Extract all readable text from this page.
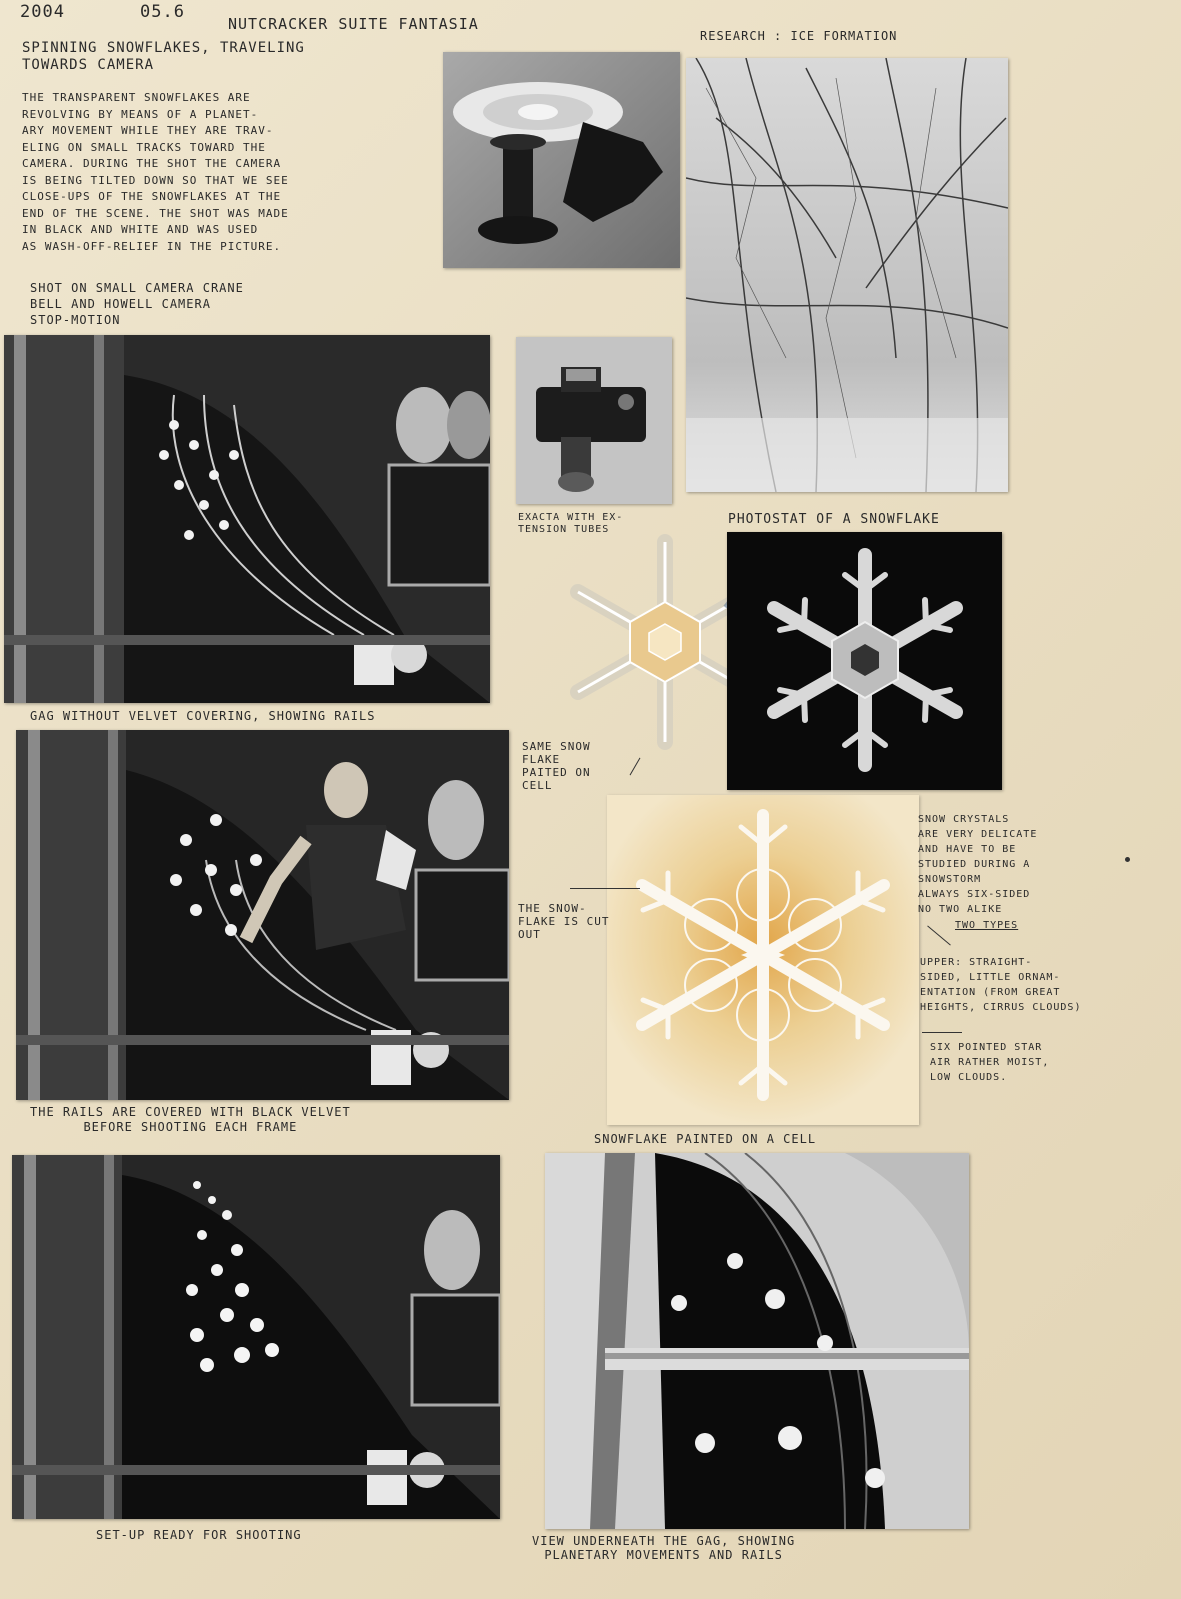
2004	05.6
NUTCRACKER SUITE FANTASIA
RESEARCH : ICE FORMATION
SPINNING SNOWFLAKES, TRAVELING
TOWARDS CAMERA
THE TRANSPARENT SNOWFLAKES ARE
REVOLVING BY MEANS OF A PLANET-
ARY MOVEMENT WHILE THEY ARE TRAV-
ELING ON SMALL TRACKS TOWARD THE
CAMERA. DURING THE SHOT THE CAMERA
IS BEING TILTED DOWN SO THAT WE SEE
CLOSE-UPS OF THE SNOWFLAKES AT THE
END OF THE SCENE. THE SHOT WAS MADE
IN BLACK AND WHITE AND WAS USED
AS WASH-OFF-RELIEF IN THE PICTURE.
SHOT ON SMALL CAMERA CRANE
BELL AND HOWELL CAMERA
STOP-MOTION
EXACTA WITH EX-
TENSION TUBES
PHOTOSTAT OF A SNOWFLAKE
GAG WITHOUT VELVET COVERING, SHOWING RAILS
SAME SNOW
FLAKE
PAITED ON
CELL
THE SNOW-
FLAKE IS CUT
OUT
SNOW CRYSTALS
ARE VERY DELICATE
AND HAVE TO BE
STUDIED DURING A
SNOWSTORM
ALWAYS SIX-SIDED
NO TWO ALIKE
TWO TYPES
UPPER: STRAIGHT-
SIDED, LITTLE ORNAM-
ENTATION (FROM GREAT
HEIGHTS, CIRRUS CLOUDS)
SIX POINTED STAR
AIR RATHER MOIST,
LOW CLOUDS.
THE RAILS ARE COVERED WITH BLACK VELVET
BEFORE SHOOTING EACH FRAME
SNOWFLAKE PAINTED ON A CELL
SET-UP READY FOR SHOOTING	VIEW UNDERNEATH THE GAG, SHOWING
PLANETARY MOVEMENTS AND RAILS
